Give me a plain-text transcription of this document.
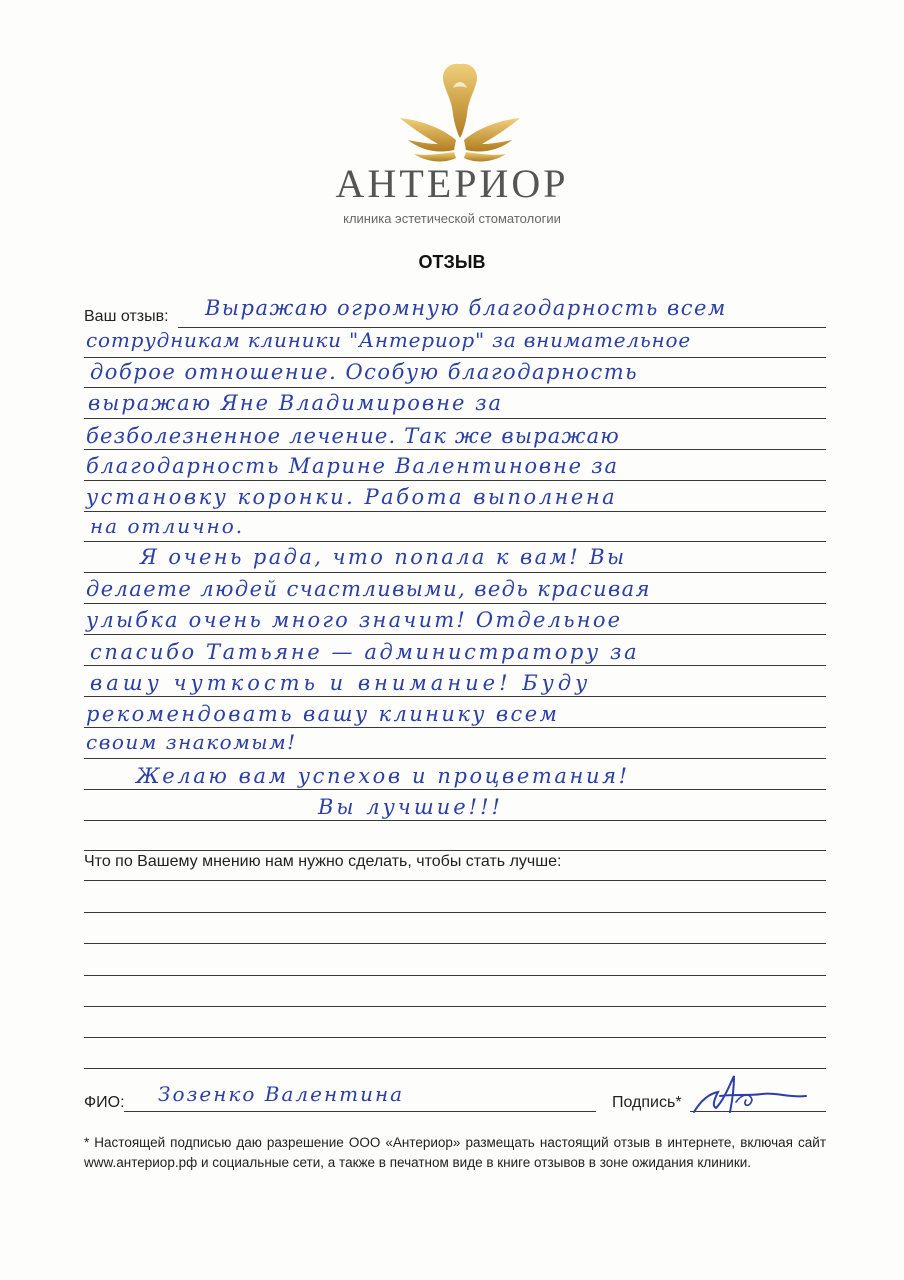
АНТЕРИОР
клиника эстетической стоматологии
ОТЗЫВ
Ваш отзыв: Выражаю огромную благодарность всем
сотрудникам клиники "Антериор" за внимательное
доброе отношение. Особую благодарность
выражаю Яне Владимировне за
безболезненное лечение. Так же выражаю
благодарность Марине Валентиновне за
установку коронки. Работа выполнена
на отлично.
Я очень рада, что попала к вам! Вы
делаете людей счастливыми, ведь красивая
улыбка очень много значит! Отдельное
спасибо Татьяне — администратору за
вашу чуткость и внимание! Буду
рекомендовать вашу клинику всем
своим знакомым!
Желаю вам успехов и процветания!
Вы лучшие!!!
Что по Вашему мнению нам нужно сделать, чтобы стать лучше:
ФИО: Зозенко Валентина	Подпись*
* Настоящей подписью даю разрешение ООО «Антериор» размещать настоящий отзыв в интернете, включая сайт www.антериор.рф и социальные сети, а также в печатном виде в книге отзывов в зоне ожидания клиники.
